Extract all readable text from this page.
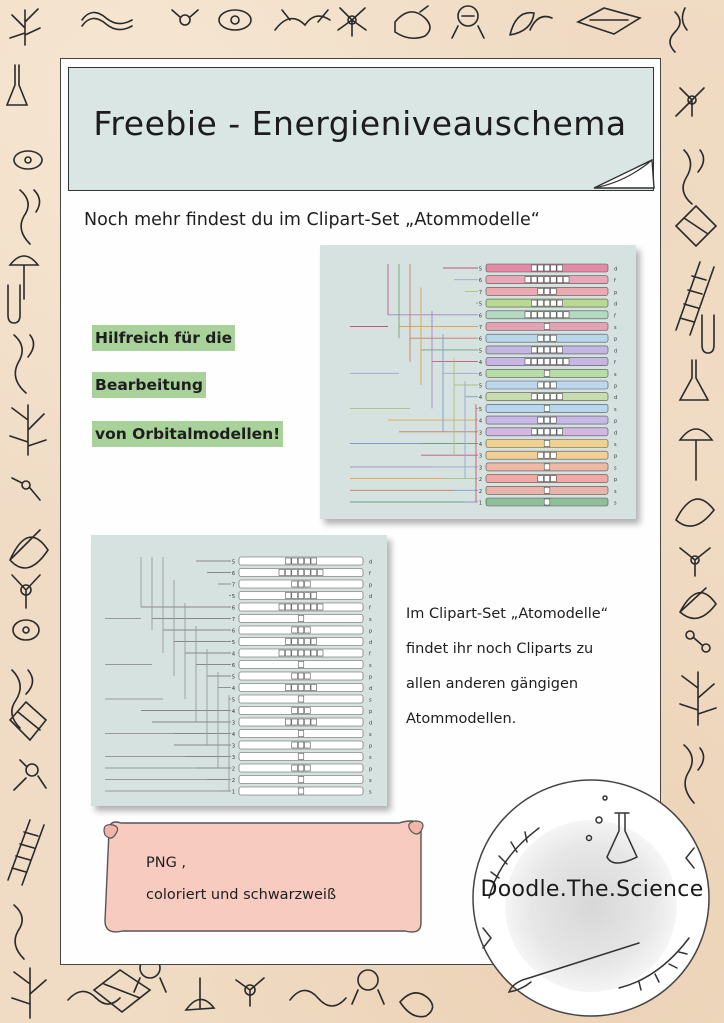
Freebie - Energieniveauschema
Noch mehr findest du im Clipart-Set „Atommodelle“
Hilfreich für die
Bearbeitung
von Orbitalmodellen!
5	d
6	f
7	p
5	d
6	f
7	s
6	p
5	d
4	f
6	s
5	p
4	d
5	s
4	p
3	d
4	s
3	p
3	s
2	p
2	s
1	s
5	d
6	f
7	p
5	d
6	f
7	s
6	p
5	d
4	f
6	s
5	p
4	d
5	s
4	p
3	d
4	s
3	p
3	s
2	p
2	s
1	s
Im Clipart-Set „Atomodelle“
findet ihr noch Cliparts zu
allen anderen gängigen
Atommodellen.
PNG ,
coloriert und schwarzweiß	Doodle.The.Science
